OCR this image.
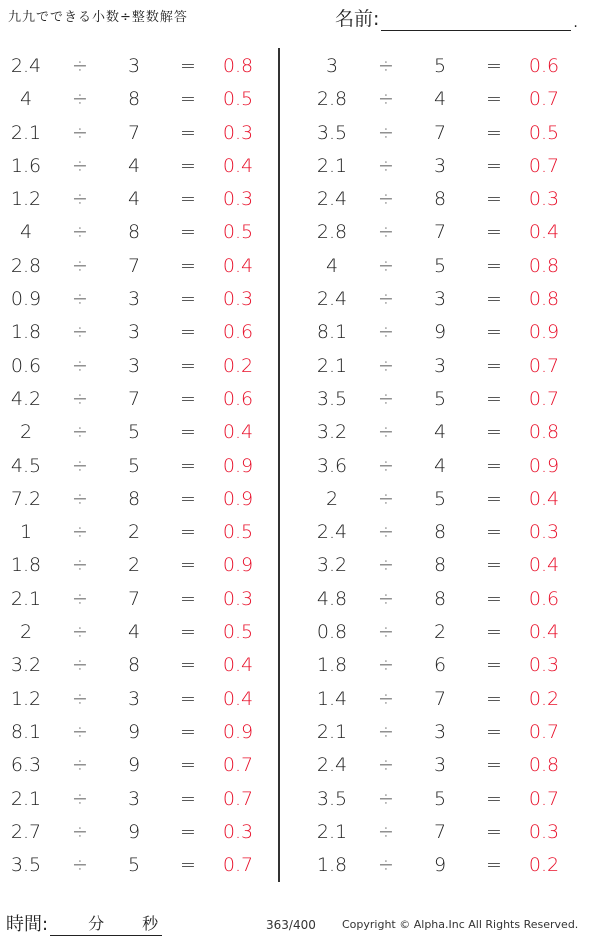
九九でできる小数÷整数解答	名前:	.
2.4	÷	3	=	0.8
4	÷	8	=	0.5
2.1	÷	7	=	0.3
1.6	÷	4	=	0.4
1.2	÷	4	=	0.3
4	÷	8	=	0.5
2.8	÷	7	=	0.4
0.9	÷	3	=	0.3
1.8	÷	3	=	0.6
0.6	÷	3	=	0.2
4.2	÷	7	=	0.6
2	÷	5	=	0.4
4.5	÷	5	=	0.9
7.2	÷	8	=	0.9
1	÷	2	=	0.5
1.8	÷	2	=	0.9
2.1	÷	7	=	0.3
2	÷	4	=	0.5
3.2	÷	8	=	0.4
1.2	÷	3	=	0.4
8.1	÷	9	=	0.9
6.3	÷	9	=	0.7
2.1	÷	3	=	0.7
2.7	÷	9	=	0.3
3.5	÷	5	=	0.7
3	÷	5	=	0.6
2.8	÷	4	=	0.7
3.5	÷	7	=	0.5
2.1	÷	3	=	0.7
2.4	÷	8	=	0.3
2.8	÷	7	=	0.4
4	÷	5	=	0.8
2.4	÷	3	=	0.8
8.1	÷	9	=	0.9
2.1	÷	3	=	0.7
3.5	÷	5	=	0.7
3.2	÷	4	=	0.8
3.6	÷	4	=	0.9
2	÷	5	=	0.4
2.4	÷	8	=	0.3
3.2	÷	8	=	0.4
4.8	÷	8	=	0.6
0.8	÷	2	=	0.4
1.8	÷	6	=	0.3
1.4	÷	7	=	0.2
2.1	÷	3	=	0.7
2.4	÷	3	=	0.8
3.5	÷	5	=	0.7
2.1	÷	7	=	0.3
1.8	÷	9	=	0.2
時間:	分 秒	363/400 Copyright © Alpha.Inc All Rights Reserved.
